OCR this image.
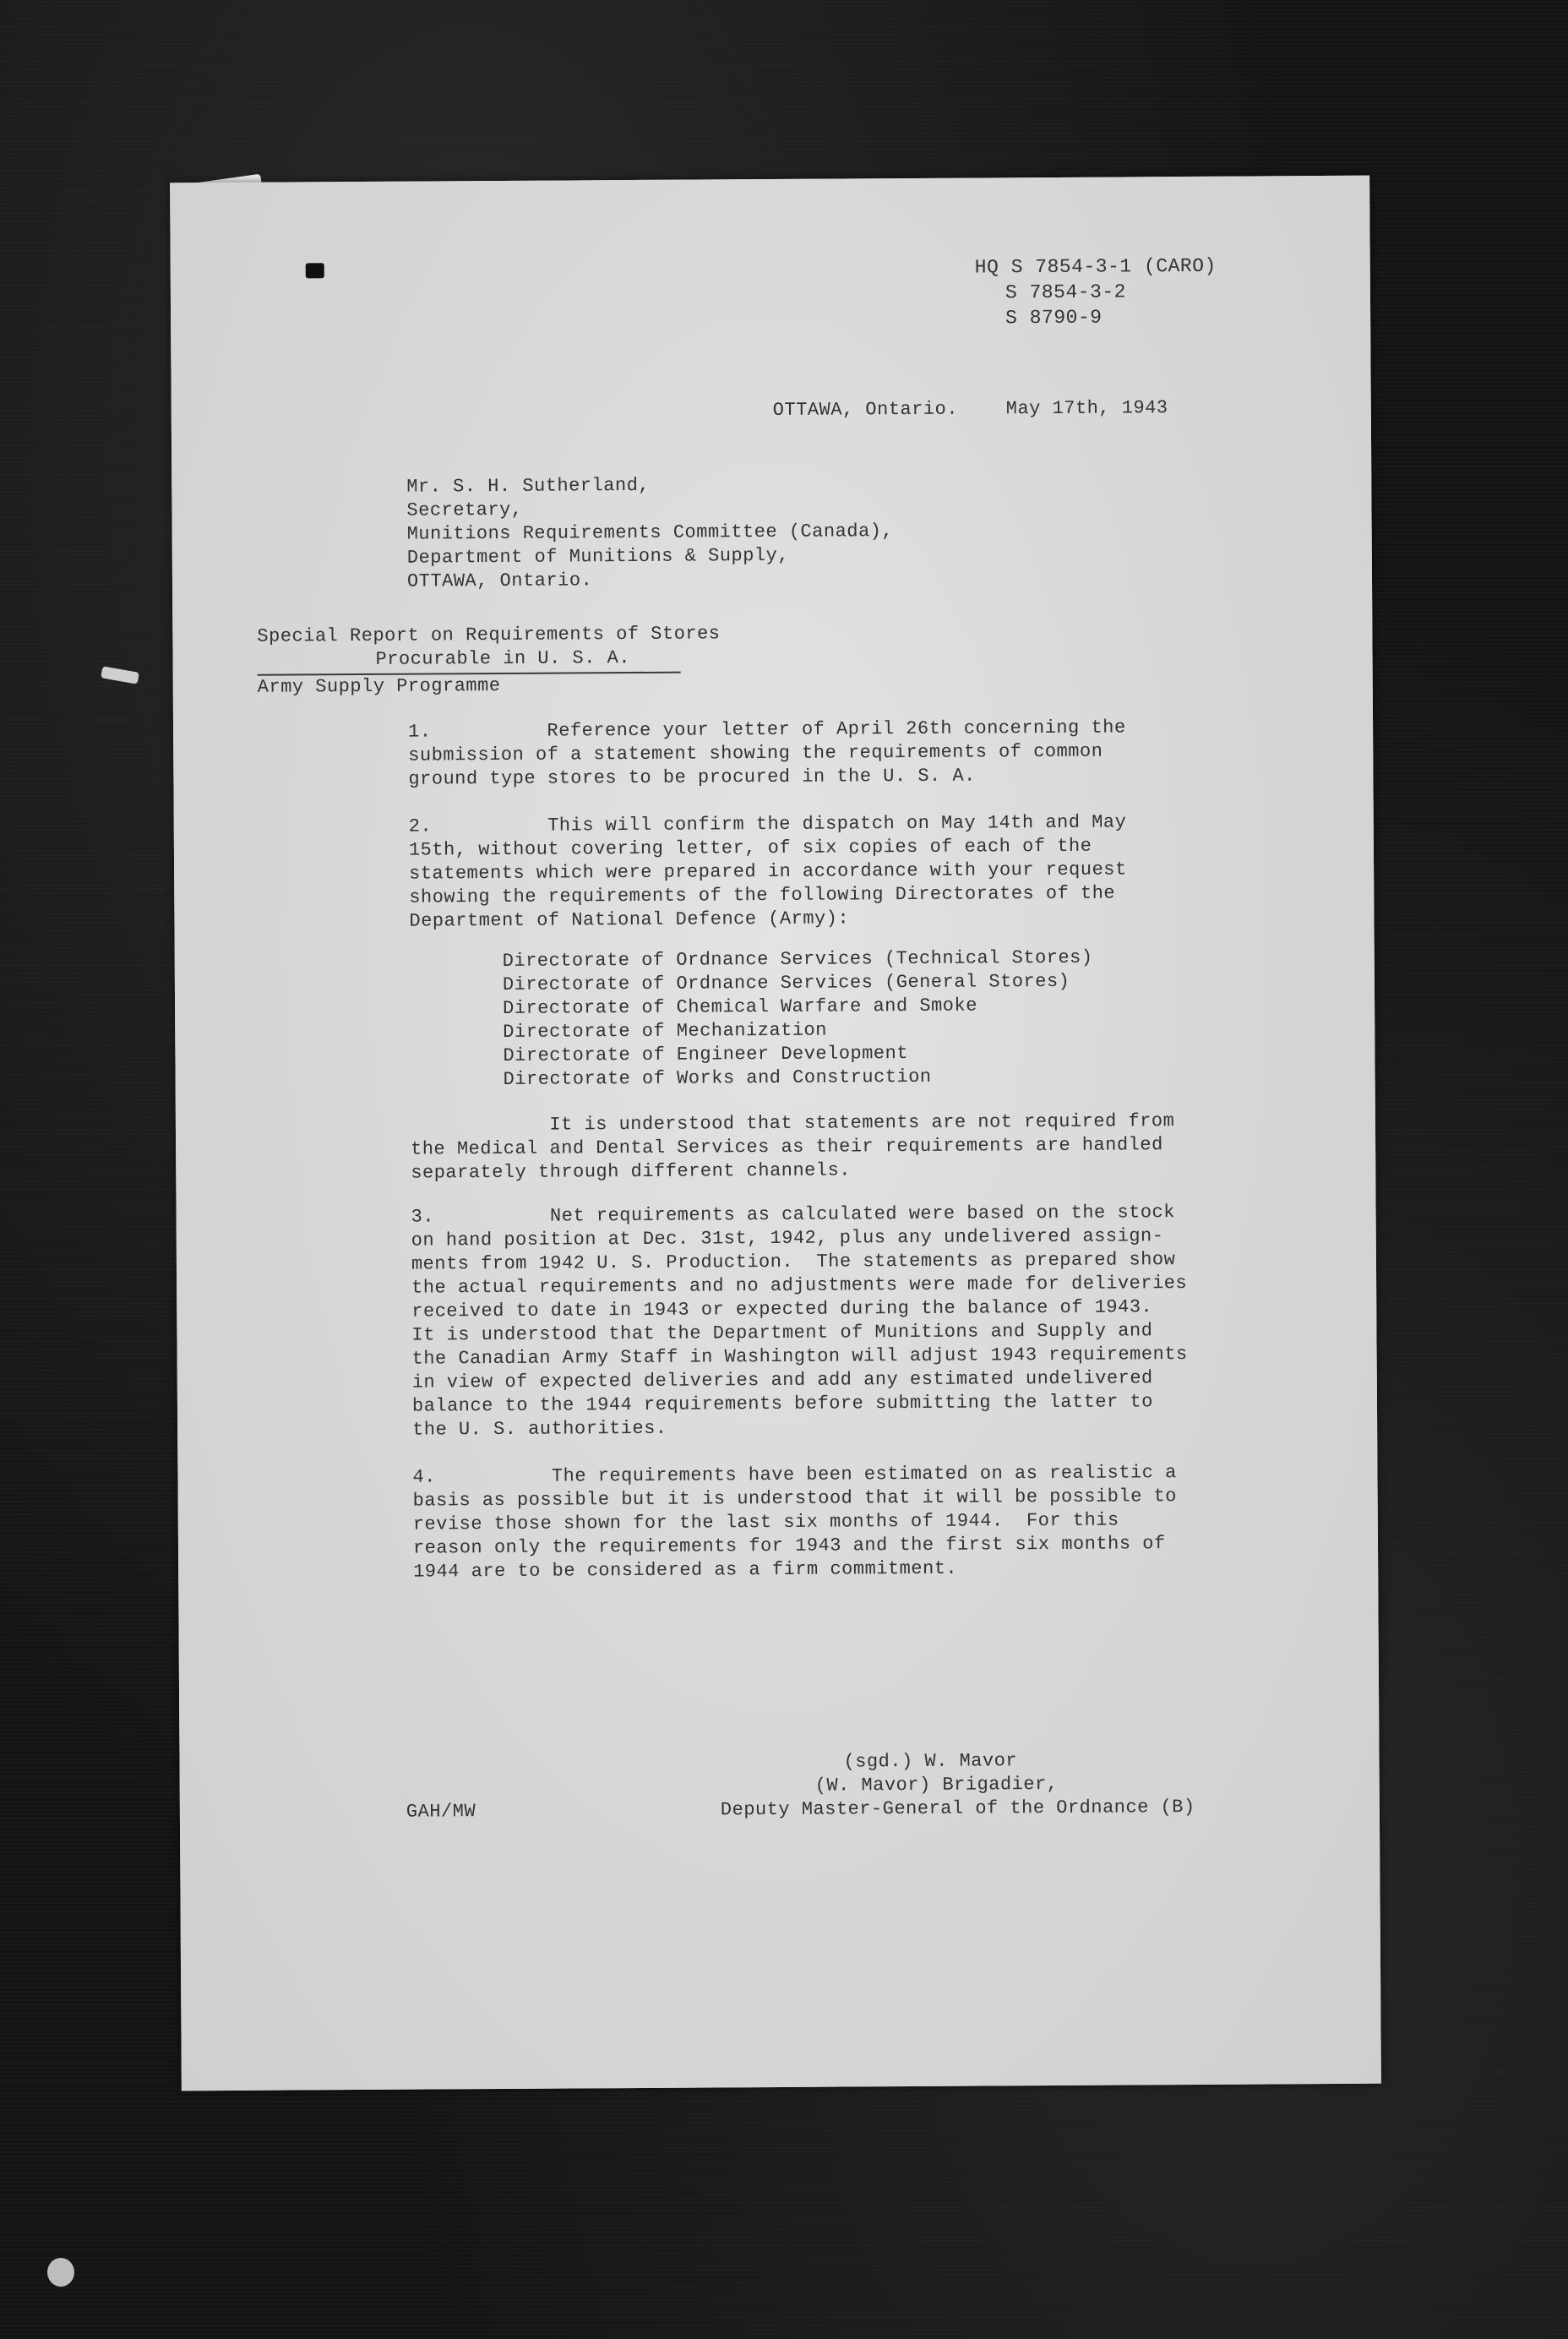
HQ S 7854-3-1 (CARO)
S 7854-3-2
S 8790-9
OTTAWA, Ontario.	May 17th, 1943
Mr. S. H. Sutherland,
Secretary,
Munitions Requirements Committee (Canada),
Department of Munitions & Supply,
OTTAWA, Ontario.
Special Report on Requirements of Stores
Procurable in U. S. A.
Army Supply Programme
1.          Reference your letter of April 26th concerning the
submission of a statement showing the requirements of common
ground type stores to be procured in the U. S. A.
2.          This will confirm the dispatch on May 14th and May
15th, without covering letter, of six copies of each of the
statements which were prepared in accordance with your request
showing the requirements of the following Directorates of the
Department of National Defence (Army):
Directorate of Ordnance Services (Technical Stores)
Directorate of Ordnance Services (General Stores)
Directorate of Chemical Warfare and Smoke
Directorate of Mechanization
Directorate of Engineer Development
Directorate of Works and Construction
It is understood that statements are not required from
the Medical and Dental Services as their requirements are handled
separately through different channels.
3.          Net requirements as calculated were based on the stock
on hand position at Dec. 31st, 1942, plus any undelivered assign-
ments from 1942 U. S. Production.  The statements as prepared show
the actual requirements and no adjustments were made for deliveries
received to date in 1943 or expected during the balance of 1943.
It is understood that the Department of Munitions and Supply and
the Canadian Army Staff in Washington will adjust 1943 requirements
in view of expected deliveries and add any estimated undelivered
balance to the 1944 requirements before submitting the latter to
the U. S. authorities.
4.          The requirements have been estimated on as realistic a
basis as possible but it is understood that it will be possible to
revise those shown for the last six months of 1944.  For this
reason only the requirements for 1943 and the first six months of
1944 are to be considered as a firm commitment.
(sgd.) W. Mavor
(W. Mavor) Brigadier,
Deputy Master-General of the Ordnance (B)
GAH/MW
